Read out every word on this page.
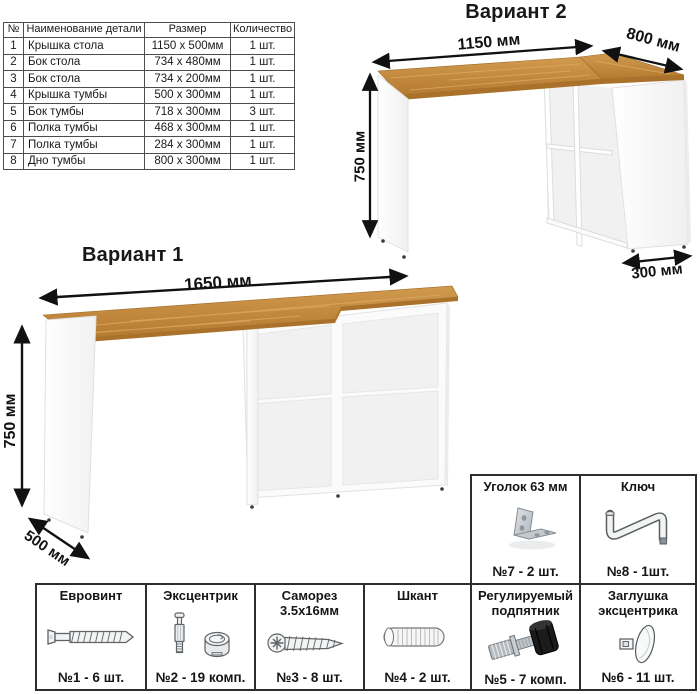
№	Наименование детали	Размер	Количество
1	Крышка стола	1150 x 500мм	1 шт.
2	Бок стола	734 x 480мм	1 шт.
3	Бок стола	734 x 200мм	1 шт.
4	Крышка тумбы	500 x 300мм	1 шт.
5	Бок тумбы	718 x 300мм	3 шт.
6	Полка тумбы	468 x 300мм	1 шт.
7	Полка тумбы	284 x 300мм	1 шт.
8	Дно тумбы	800 x 300мм	1 шт.
Вариант 2
1150 мм	800 мм
750 мм
300 мм
Вариант 1
1650 мм
750 мм
500 мм
Уголок 63 мм
№7 - 2 шт.
Ключ
№8 - 1шт.
Евровинт
№1 - 6 шт.
Эксцентрик
№2 - 19 комп.
Саморез 3.5x16мм
№3 - 8 шт.
Шкант
№4 - 2 шт.
Регулируемый подпятник
№5 - 7 комп.
Заглушка эксцентрика
№6 - 11 шт.
